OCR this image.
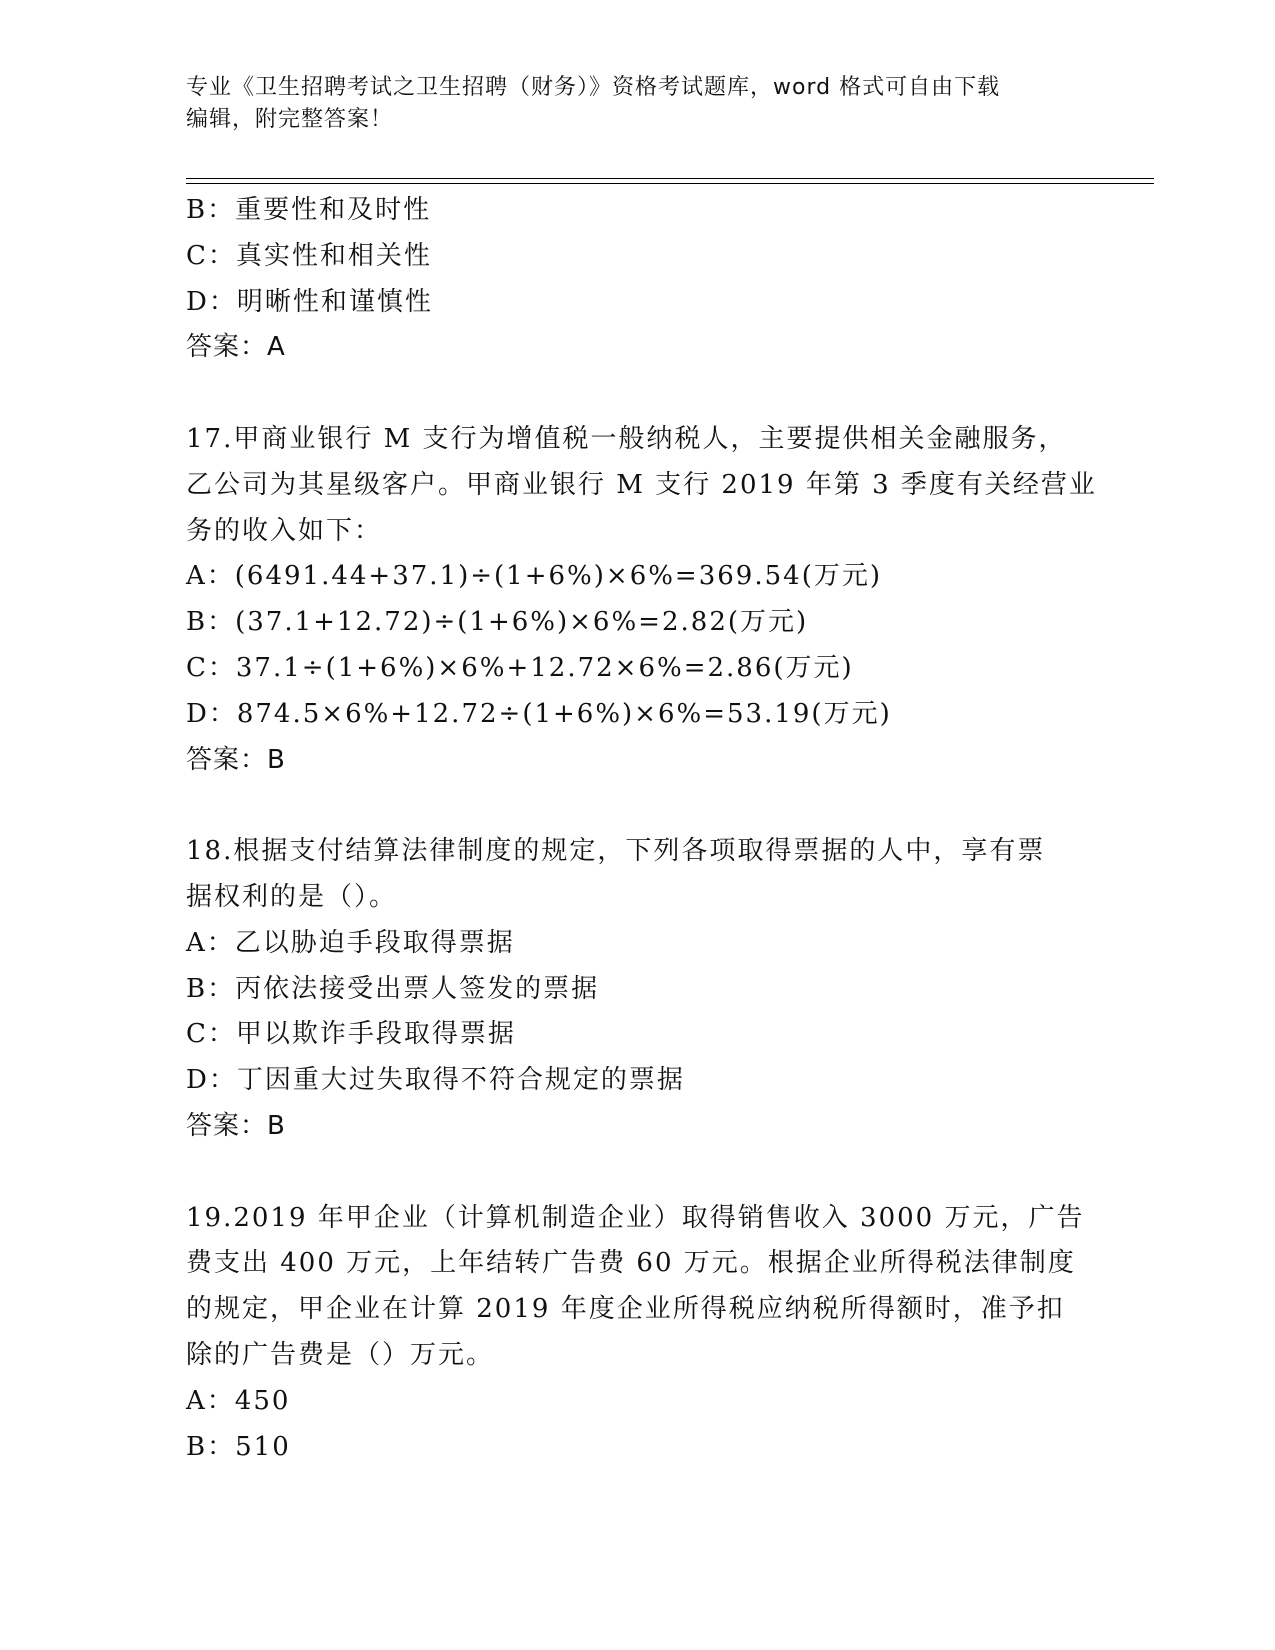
专业《卫生招聘考试之卫生招聘（财务）》资格考试题库，word 格式可自由下载
编辑，附完整答案！
B：重要性和及时性
C：真实性和相关性
D：明晰性和谨慎性
答案：A
17.甲商业银行 M 支行为增值税一般纳税人，主要提供相关金融服务，
乙公司为其星级客户。甲商业银行 M 支行 2019 年第 3 季度有关经营业
务的收入如下：
A：(6491.44+37.1)÷(1+6%)×6%=369.54(万元)
B：(37.1+12.72)÷(1+6%)×6%=2.82(万元)
C：37.1÷(1+6%)×6%+12.72×6%=2.86(万元)
D：874.5×6%+12.72÷(1+6%)×6%=53.19(万元)
答案：B
18.根据支付结算法律制度的规定，下列各项取得票据的人中，享有票
据权利的是（）。
A：乙以胁迫手段取得票据
B：丙依法接受出票人签发的票据
C：甲以欺诈手段取得票据
D：丁因重大过失取得不符合规定的票据
答案：B
19.2019 年甲企业（计算机制造企业）取得销售收入 3000 万元，广告
费支出 400 万元，上年结转广告费 60 万元。根据企业所得税法律制度
的规定，甲企业在计算 2019 年度企业所得税应纳税所得额时，准予扣
除的广告费是（）万元。
A：450
B：510
